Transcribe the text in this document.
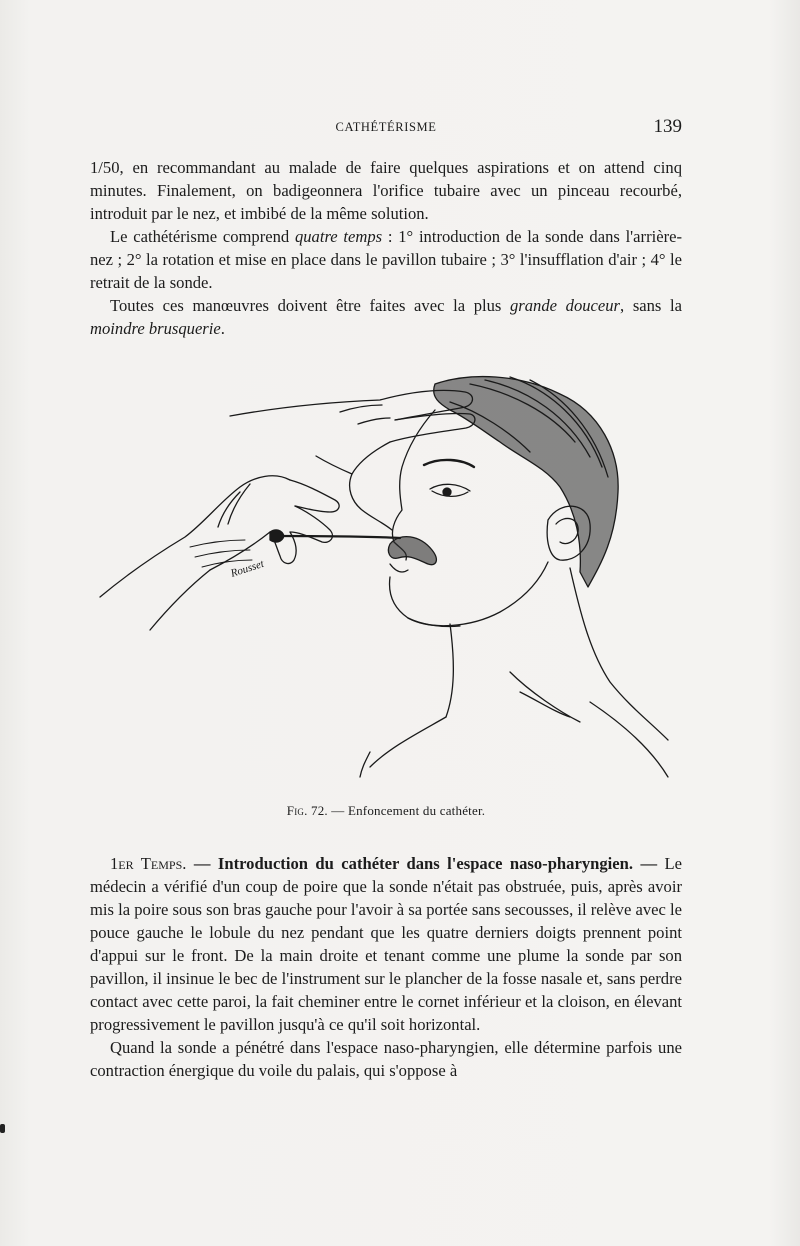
CATHÉTÉRISME	139

1/50, en recommandant au malade de faire quelques aspirations et on attend cinq minutes. Finalement, on badigeonnera l'orifice tubaire avec un pinceau recourbé, introduit par le nez, et imbibé de la même solution.

Le cathétérisme comprend quatre temps : 1° introduction de la sonde dans l'arrière-nez ; 2° la rotation et mise en place dans le pavillon tubaire ; 3° l'insufflation d'air ; 4° le retrait de la sonde.

Toutes ces manœuvres doivent être faites avec la plus grande douceur, sans la moindre brusquerie.

Rousset
Fig. 72. — Enfoncement du cathéter.

1er Temps. — Introduction du cathéter dans l'espace naso-pharyngien. — Le médecin a vérifié d'un coup de poire que la sonde n'était pas obstruée, puis, après avoir mis la poire sous son bras gauche pour l'avoir à sa portée sans secousses, il relève avec le pouce gauche le lobule du nez pendant que les quatre derniers doigts prennent point d'appui sur le front. De la main droite et tenant comme une plume la sonde par son pavillon, il insinue le bec de l'instrument sur le plancher de la fosse nasale et, sans perdre contact avec cette paroi, la fait cheminer entre le cornet inférieur et la cloison, en élevant progressivement le pavillon jusqu'à ce qu'il soit horizontal.

Quand la sonde a pénétré dans l'espace naso-pharyngien, elle détermine parfois une contraction énergique du voile du palais, qui s'oppose à
